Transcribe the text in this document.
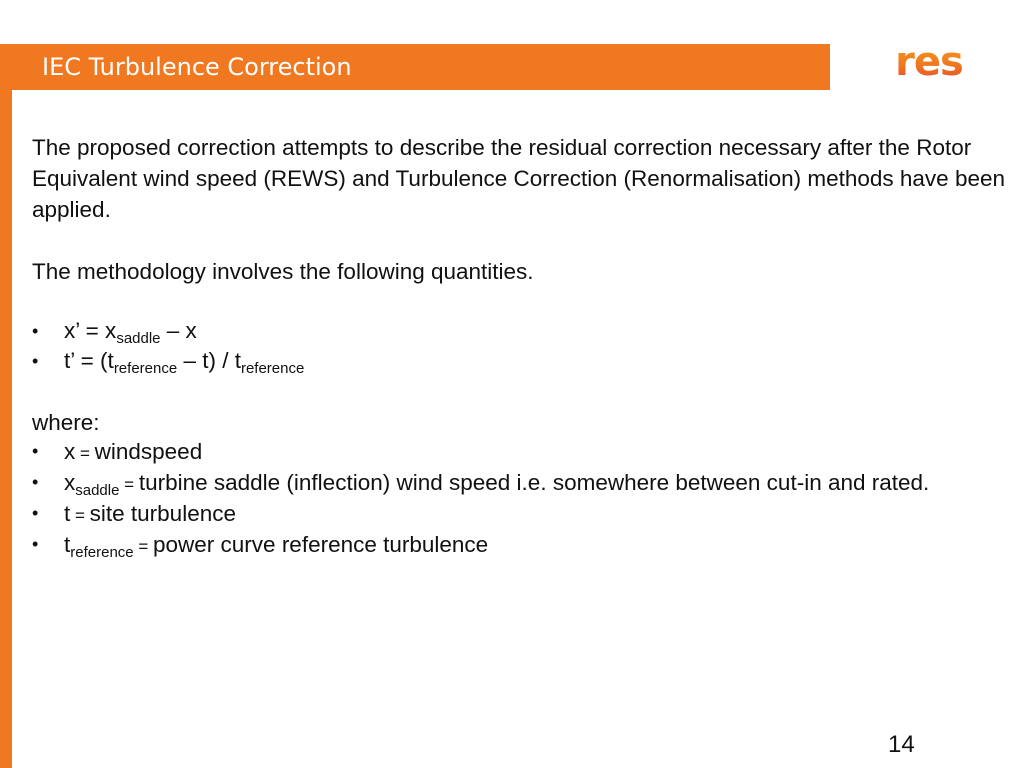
IEC Turbulence Correction	res

The proposed correction attempts to describe the residual correction necessary after the Rotor Equivalent wind speed (REWS) and Turbulence Correction (Renormalisation) methods have been applied.

The methodology involves the following quantities.

• x’ = $x_{saddle}$ – x
• t’ = $(t_{reference} - t) / t_{reference}$

where:

• x = windspeed
• $x_{saddle}$ = turbine saddle (inflection) wind speed i.e. somewhere between cut-in and rated.
• t = site turbulence
• $t_{reference}$ = power curve reference turbulence
14
